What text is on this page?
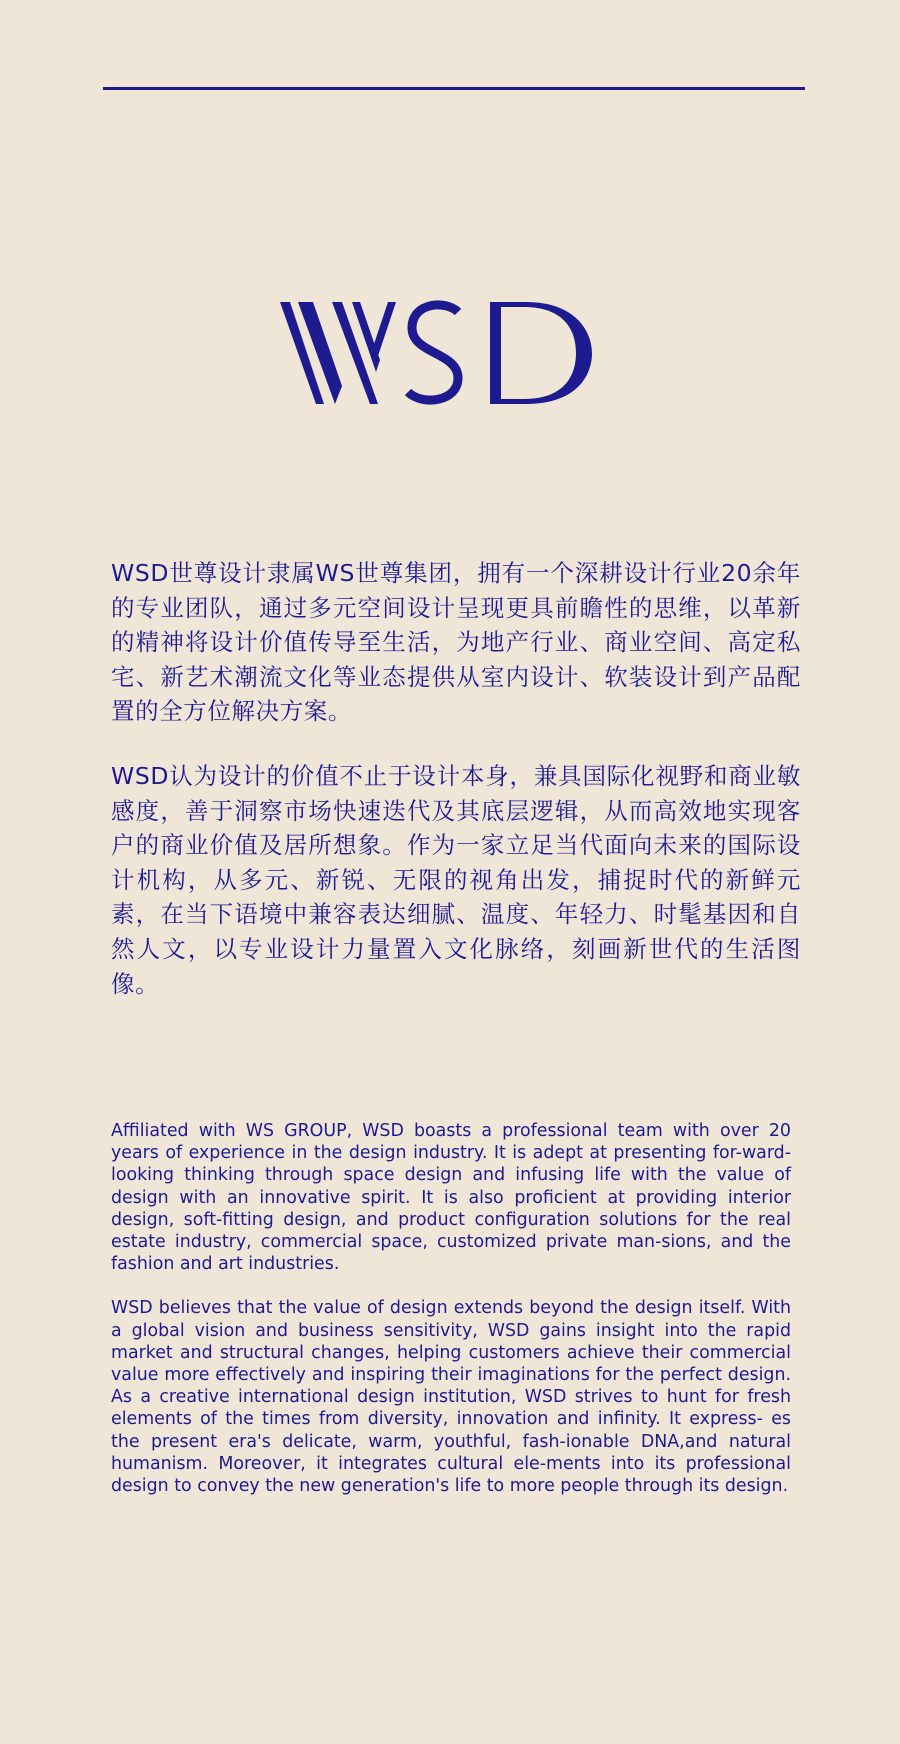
WSD世尊设计隶属WS世尊集团，拥有一个深耕设计行业20余年的专业团队，通过多元空间设计呈现更具前瞻性的思维，以革新的精神将设计价值传导至生活，为地产行业、商业空间、高定私宅、新艺术潮流文化等业态提供从室内设计、软装设计到产品配置的全方位解决方案。

WSD认为设计的价值不止于设计本身，兼具国际化视野和商业敏感度，善于洞察市场快速迭代及其底层逻辑，从而高效地实现客户的商业价值及居所想象。作为一家立足当代面向未来的国际设计机构，从多元、新锐、无限的视角出发，捕捉时代的新鲜元素，在当下语境中兼容表达细腻、温度、年轻力、时髦基因和自然人文，以专业设计力量置入文化脉络，刻画新世代的生活图像。

Affiliated with WS GROUP, WSD boasts a professional team with over 20 years of experience in the design industry. It is adept at presenting for-ward-looking thinking through space design and infusing life with the value of design with an innovative spirit. It is also proficient at providing interior design, soft-fitting design, and product configuration solutions for the real estate industry, commercial space, customized private man-sions, and the fashion and art industries.

WSD believes that the value of design extends beyond the design itself. With a global vision and business sensitivity, WSD gains insight into the rapid market and structural changes, helping customers achieve their commercial value more effectively and inspiring their imaginations for the perfect design. As a creative international design institution, WSD strives to hunt for fresh elements of the times from diversity, innovation and infinity. It express- es the present era's delicate, warm, youthful, fash-ionable DNA,and natural humanism. Moreover, it integrates cultural ele-ments into its professional design to convey the new generation's life to more people through its design.
